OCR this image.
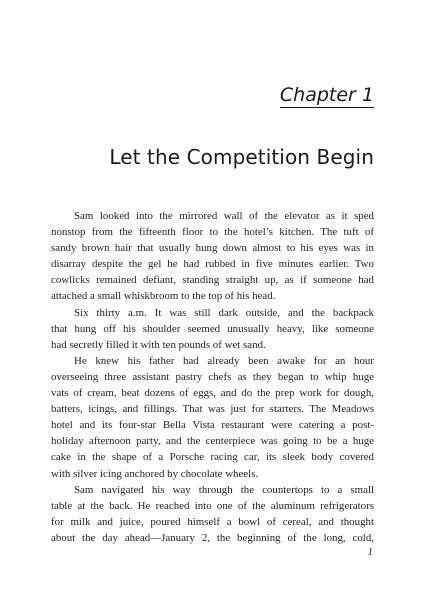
Chapter 1
Let the Competition Begin
Sam looked into the mirrored wall of the elevator as it sped
nonstop from the fifteenth floor to the hotel’s kitchen. The tuft of
sandy brown hair that usually hung down almost to his eyes was in
disarray despite the gel he had rubbed in five minutes earlier. Two
cowlicks remained defiant, standing straight up, as if someone had
attached a small whiskbroom to the top of his head.
Six thirty a.m. It was still dark outside, and the backpack
that hung off his shoulder seemed unusually heavy, like someone
had secretly filled it with ten pounds of wet sand.
He knew his father had already been awake for an hour
overseeing three assistant pastry chefs as they began to whip huge
vats of cream, beat dozens of eggs, and do the prep work for dough,
batters, icings, and fillings. That was just for starters. The Meadows
hotel and its four-star Bella Vista restaurant were catering a post-
holiday afternoon party, and the centerpiece was going to be a huge
cake in the shape of a Porsche racing car, its sleek body covered
with silver icing anchored by chocolate wheels.
Sam navigated his way through the countertops to a small
table at the back. He reached into one of the aluminum refrigerators
for milk and juice, poured himself a bowl of cereal, and thought
about the day ahead—January 2, the beginning of the long, cold,
1
